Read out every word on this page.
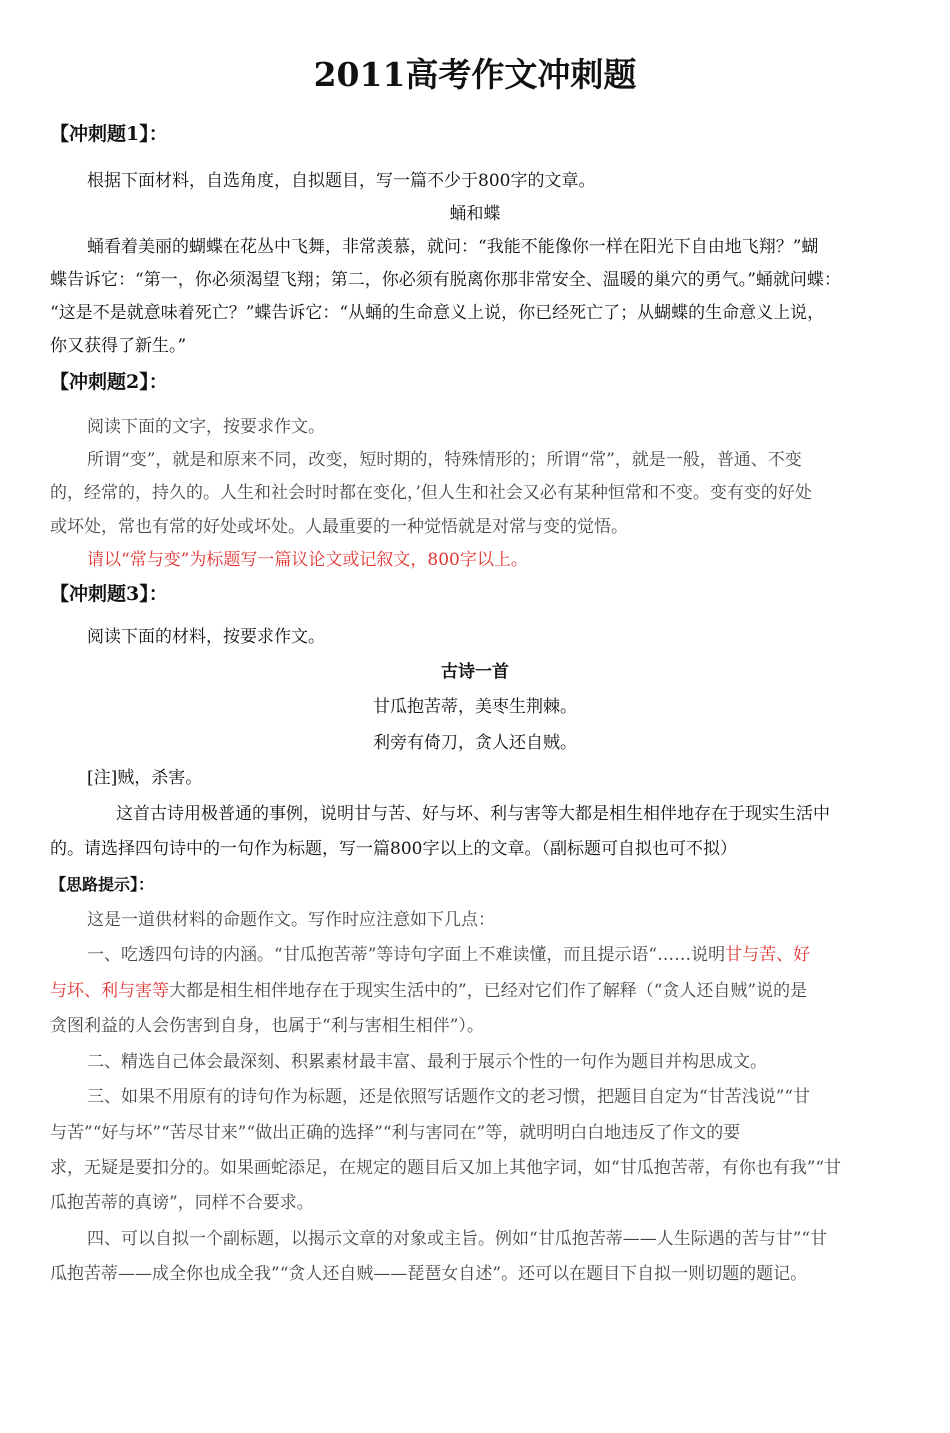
2011高考作文冲刺题
【冲刺题1】：
根据下面材料，自选角度，自拟题目，写一篇不少于800字的文章。
蛹和蝶
蛹看着美丽的蝴蝶在花丛中飞舞，非常羡慕，就问：“我能不能像你一样在阳光下自由地飞翔？”蝴
蝶告诉它：“第一，你必须渴望飞翔；第二，你必须有脱离你那非常安全、温暖的巢穴的勇气。”蛹就问蝶：
“这是不是就意味着死亡？”蝶告诉它：“从蛹的生命意义上说，你已经死亡了；从蝴蝶的生命意义上说，
你又获得了新生。”
【冲刺题2】：
阅读下面的文字，按要求作文。
所谓“变”，就是和原来不同，改变，短时期的，特殊情形的；所谓“常”，就是一般，普通、不变
的，经常的，持久的。人生和社会时时都在变化，’但人生和社会又必有某种恒常和不变。变有变的好处
或坏处，常也有常的好处或坏处。人最重要的一种觉悟就是对常与变的觉悟。
请以“常与变”为标题写一篇议论文或记叙文，800字以上。
【冲刺题3】：
阅读下面的材料，按要求作文。
古诗一首
甘瓜抱苦蒂，美枣生荆棘。
利旁有倚刀，贪人还自贼。
[注]贼，杀害。
这首古诗用极普通的事例，说明甘与苦、好与坏、利与害等大都是相生相伴地存在于现实生活中
的。请选择四句诗中的一句作为标题，写一篇800字以上的文章。（副标题可自拟也可不拟）
【思路提示】：
这是一道供材料的命题作文。写作时应注意如下几点：
一、吃透四句诗的内涵。“甘瓜抱苦蒂”等诗句字面上不难读懂，而且提示语“……说明甘与苦、好
与坏、利与害等大都是相生相伴地存在于现实生活中的”，已经对它们作了解释（“贪人还自贼”说的是
贪图利益的人会伤害到自身，也属于“利与害相生相伴”）。
二、精选自己体会最深刻、积累素材最丰富、最利于展示个性的一句作为题目并构思成文。
三、如果不用原有的诗句作为标题，还是依照写话题作文的老习惯，把题目自定为“甘苦浅说”“甘
与苦”“好与坏”“苦尽甘来”“做出正确的选择”“利与害同在”等，就明明白白地违反了作文的要
求，无疑是要扣分的。如果画蛇添足，在规定的题目后又加上其他字词，如“甘瓜抱苦蒂，有你也有我”“甘
瓜抱苦蒂的真谤”，同样不合要求。
四、可以自拟一个副标题，以揭示文章的对象或主旨。例如“甘瓜抱苦蒂——人生际遇的苦与甘”“甘
瓜抱苦蒂——成全你也成全我”“贪人还自贼——琵琶女自述”。还可以在题目下自拟一则切题的题记。
